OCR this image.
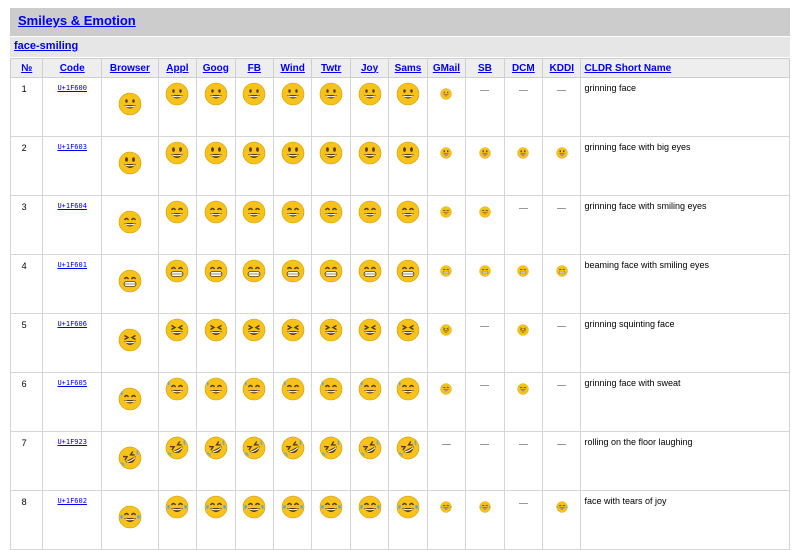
Smileys & Emotion
face-smiling
№	Code	Browser	Appl	Goog	FB	Wind	Twtr	Joy	Sams	GMail	SB	DCM	KDDI	CLDR Short Name
1	U+1F600													grinning face
2	U+1F603													grinning face with big eyes
3	U+1F604													grinning face with smiling eyes
4	U+1F601													beaming face with smiling eyes
5	U+1F606													grinning squinting face
6	U+1F605													grinning face with sweat
7	U+1F923													rolling on the floor laughing
8	U+1F602													face with tears of joy
